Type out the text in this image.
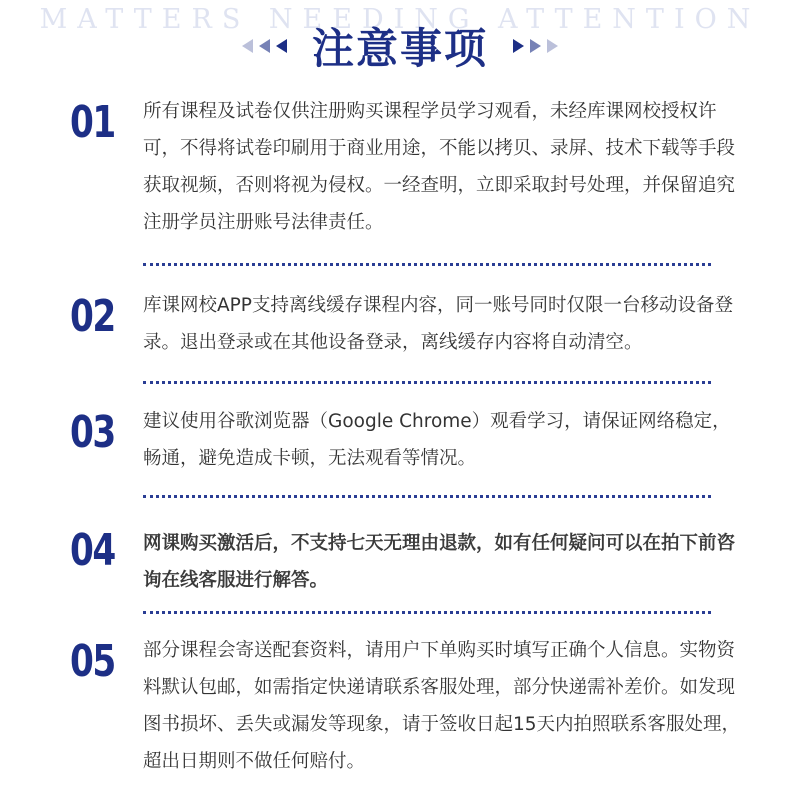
MATTERS NEEDING ATTENTION
注意事项
01 所有课程及试卷仅供注册购买课程学员学习观看，未经库课网校授权许可，不得将试卷印刷用于商业用途，不能以拷贝、录屏、技术下载等手段获取视频，否则将视为侵权。一经查明，立即采取封号处理，并保留追究注册学员注册账号法律责任。

02 库课网校APP支持离线缓存课程内容，同一账号同时仅限一台移动设备登录。退出登录或在其他设备登录，离线缓存内容将自动清空。

03 建议使用谷歌浏览器（Google Chrome）观看学习，请保证网络稳定，畅通，避免造成卡顿，无法观看等情况。

04 网课购买激活后，不支持七天无理由退款，如有任何疑问可以在拍下前咨询在线客服进行解答。

05 部分课程会寄送配套资料，请用户下单购买时填写正确个人信息。实物资料默认包邮，如需指定快递请联系客服处理，部分快递需补差价。如发现图书损坏、丢失或漏发等现象，请于签收日起15天内拍照联系客服处理，超出日期则不做任何赔付。
